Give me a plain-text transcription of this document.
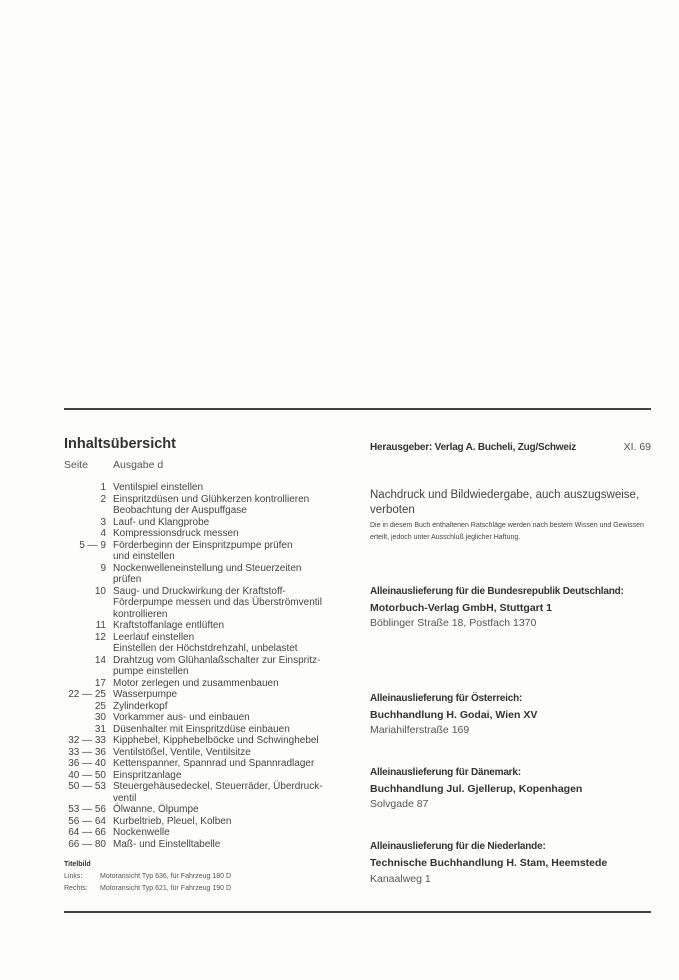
Inhaltsübersicht
Seite Ausgabe d
1 Ventilspiel einstellen
2 Einspritzdüsen und Glühkerzen kontrollieren
Beobachtung der Auspuffgase
3 Lauf- und Klangprobe
4 Kompressionsdruck messen
5 — 9 Förderbeginn der Einspritzpumpe prüfen
und einstellen
9 Nockenwelleneinstellung und Steuerzeiten
prüfen
10 Saug- und Druckwirkung der Kraftstoff-
Förderpumpe messen und das Überströmventil
kontrollieren
11 Kraftstoffanlage entlüften
12 Leerlauf einstellen
Einstellen der Höchstdrehzahl, unbelastet
14 Drahtzug vom Glühanlaßschalter zur Einspritz-
pumpe einstellen
17 Motor zerlegen und zusammenbauen
22 — 25 Wasserpumpe
25 Zylinderkopf
30 Vorkammer aus- und einbauen
31 Düsenhalter mit Einspritzdüse einbauen
32 — 33 Kipphebel, Kipphebelböcke und Schwinghebel
33 — 36 Ventilstößel, Ventile, Ventilsitze
36 — 40 Kettenspanner, Spannrad und Spannradlager
40 — 50 Einspritzanlage
50 — 53 Steuergehäusedeckel, Steuerräder, Überdruck-
ventil
53 — 56 Ölwanne, Ölpumpe
56 — 64 Kurbeltrieb, Pleuel, Kolben
64 — 66 Nockenwelle
66 — 80 Maß- und Einstelltabelle
Titelbild
Links:	Motoransicht Typ 636, für Fahrzeug 180 D
Rechts: Motoransicht Typ 621, für Fahrzeug 190 D
Herausgeber: Verlag A. Bucheli, Zug/Schweiz	XI. 69
Nachdruck und Bildwiedergabe, auch auszugsweise, verboten
Die in diesem Buch enthaltenen Ratschläge werden nach bestem Wissen und Gewissen erteilt, jedoch unter Ausschluß jeglicher Haftung.
Alleinauslieferung für die Bundesrepublik Deutschland:
Motorbuch-Verlag GmbH, Stuttgart 1
Böblinger Straße 18, Postfach 1370
Alleinauslieferung für Österreich:
Buchhandlung H. Godai, Wien XV
Mariahilferstraße 169
Alleinauslieferung für Dänemark:
Buchhandlung Jul. Gjellerup, Kopenhagen
Solvgade 87
Alleinauslieferung für die Niederlande:
Technische Buchhandlung H. Stam, Heemstede
Kanaalweg 1
